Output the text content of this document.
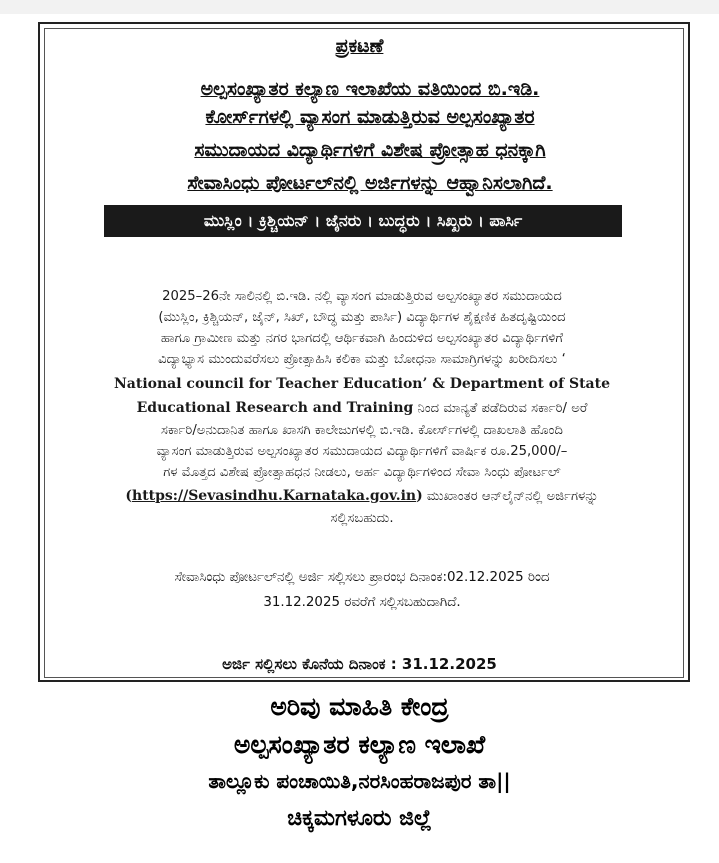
ಪ್ರಕಟಣೆ
ಅಲ್ಪಸಂಖ್ಯಾತರ ಕಲ್ಯಾಣ ಇಲಾಖೆಯ ವತಿಯಿಂದ ಬಿ.ಇಡಿ.
ಕೋರ್ಸ್‌ಗಳಲ್ಲಿ ವ್ಯಾಸಂಗ ಮಾಡುತ್ತಿರುವ ಅಲ್ಪಸಂಖ್ಯಾತರ
ಸಮುದಾಯದ ವಿದ್ಯಾರ್ಥಿಗಳಿಗೆ ವಿಶೇಷ ಪ್ರೋತ್ಸಾಹ ಧನಕ್ಕಾಗಿ
ಸೇವಾಸಿಂಧು ಪೋರ್ಟಲ್‌ನಲ್ಲಿ ಅರ್ಜಿಗಳನ್ನು ಆಹ್ವಾನಿಸಲಾಗಿದೆ.
ಮುಸ್ಲಿಂ । ಕ್ರಿಶ್ಚಿಯನ್ । ಜೈನರು । ಬುದ್ಧರು । ಸಿಖ್ಖರು । ಪಾರ್ಸಿ
2025–26ನೇ ಸಾಲಿನಲ್ಲಿ ಬಿ.ಇಡಿ. ನಲ್ಲಿ ವ್ಯಾಸಂಗ ಮಾಡುತ್ತಿರುವ ಅಲ್ಪಸಂಖ್ಯಾತರ ಸಮುದಾಯದ
(ಮುಸ್ಲಿಂ, ಕ್ರಿಶ್ಚಿಯನ್, ಜೈನ್, ಸಿಖ್, ಬೌದ್ಧ ಮತ್ತು ಪಾರ್ಸಿ) ವಿದ್ಯಾರ್ಥಿಗಳ ಶೈಕ್ಷಣಿಕ ಹಿತದೃಷ್ಟಿಯಿಂದ
ಹಾಗೂ ಗ್ರಾಮೀಣ ಮತ್ತು ನಗರ ಭಾಗದಲ್ಲಿ ಆರ್ಥಿಕವಾಗಿ ಹಿಂದುಳಿದ ಅಲ್ಪಸಂಖ್ಯಾತರ ವಿದ್ಯಾರ್ಥಿಗಳಿಗೆ
ವಿದ್ಯಾಭ್ಯಾಸ ಮುಂದುವರೆಸಲು ಪ್ರೋತ್ಸಾಹಿಸಿ ಕಲಿಕಾ ಮತ್ತು ಬೋಧನಾ ಸಾಮಾಗ್ರಿಗಳನ್ನು ಖರೀದಿಸಲು ‘
National council for Teacher Education’ & Department of State
Educational Research and Training ನಿಂದ ಮಾನ್ಯತೆ ಪಡೆದಿರುವ ಸರ್ಕಾರಿ/ ಅರೆ
ಸರ್ಕಾರಿ/ಅನುದಾನಿತ ಹಾಗೂ ಖಾಸಗಿ ಕಾಲೇಜುಗಳಲ್ಲಿ ಬಿ.ಇಡಿ. ಕೋರ್ಸ್‌ಗಳಲ್ಲಿ ದಾಖಲಾತಿ ಹೊಂದಿ
ವ್ಯಾಸಂಗ ಮಾಡುತ್ತಿರುವ ಅಲ್ಪಸಂಖ್ಯಾತರ ಸಮುದಾಯದ ವಿದ್ಯಾರ್ಥಿಗಳಿಗೆ ವಾರ್ಷಿಕ ರೂ.25,000/–
ಗಳ ಮೊತ್ತದ ವಿಶೇಷ ಪ್ರೋತ್ಸಾಹಧನ ನೀಡಲು, ಅರ್ಹ ವಿದ್ಯಾರ್ಥಿಗಳಿಂದ ಸೇವಾ ಸಿಂಧು ಪೋರ್ಟಲ್
(https://Sevasindhu.Karnataka.gov.in) ಮುಖಾಂತರ ಆನ್‌ಲೈನ್‌ನಲ್ಲಿ ಅರ್ಜಿಗಳನ್ನು
ಸಲ್ಲಿಸಬಹುದು.
ಸೇವಾಸಿಂಧು ಪೋರ್ಟಲ್‌ನಲ್ಲಿ ಅರ್ಜಿ ಸಲ್ಲಿಸಲು ಪ್ರಾರಂಭ ದಿನಾಂಕ:02.12.2025 ರಿಂದ
31.12.2025 ರವರೆಗೆ ಸಲ್ಲಿಸಬಹುದಾಗಿದೆ.
ಅರ್ಜಿ ಸಲ್ಲಿಸಲು ಕೊನೆಯ ದಿನಾಂಕ : 31.12.2025
ಅರಿವು ಮಾಹಿತಿ ಕೇಂದ್ರ
ಅಲ್ಪಸಂಖ್ಯಾತರ ಕಲ್ಯಾಣ ಇಲಾಖೆ
ತಾಲ್ಲೂಕು ಪಂಚಾಯಿತಿ,ನರಸಿಂಹರಾಜಪುರ ತಾ||
ಚಿಕ್ಕಮಗಳೂರು ಜಿಲ್ಲೆ
